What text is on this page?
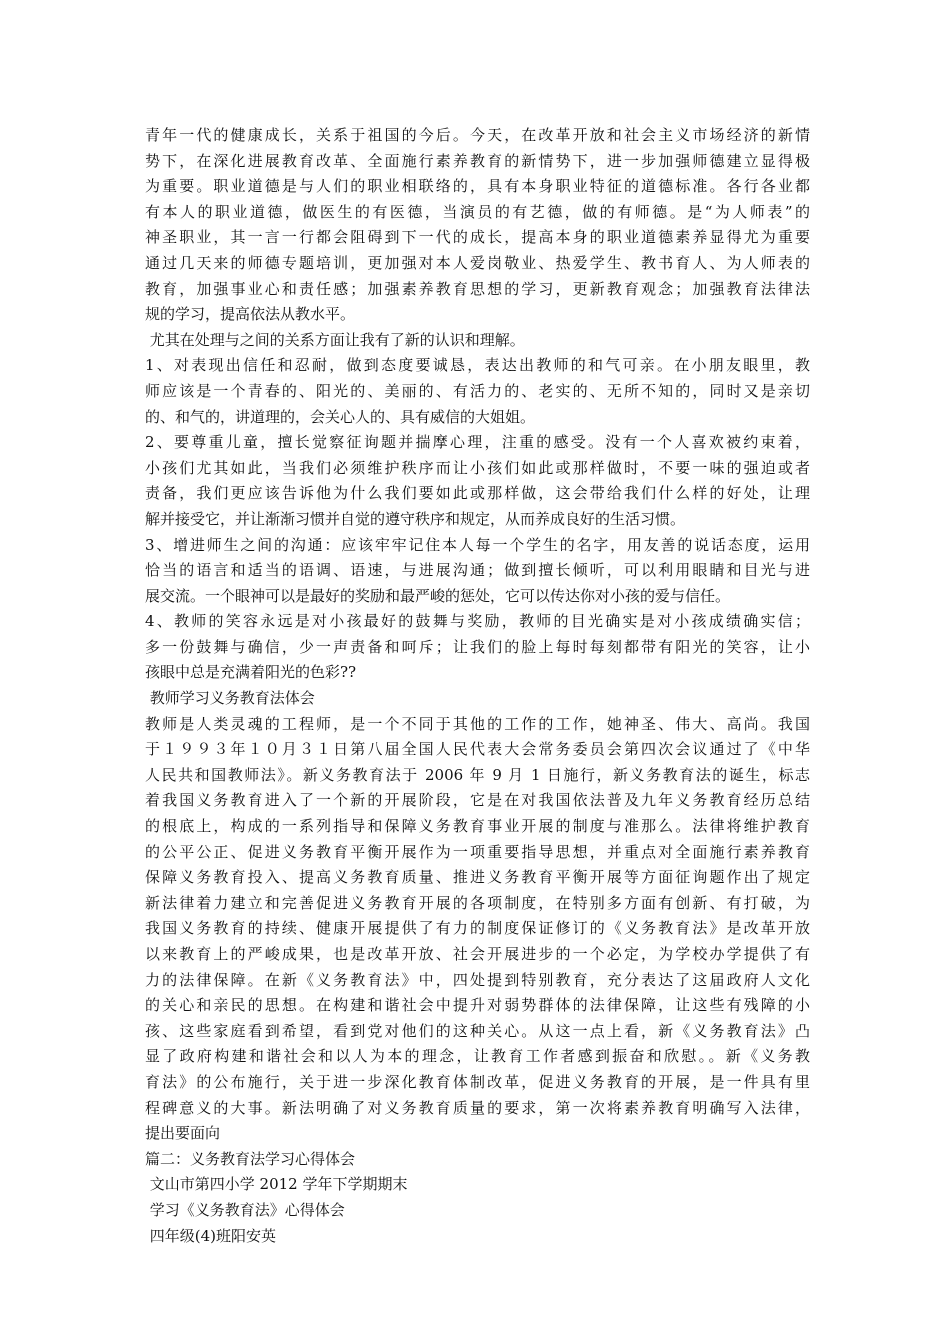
青年一代的健康成长，关系于祖国的今后。今天，在改革开放和社会主义市场经济的新情
势下，在深化进展教育改革、全面施行素养教育的新情势下，进一步加强师德建立显得极
为重要。职业道德是与人们的职业相联络的，具有本身职业特征的道德标准。各行各业都
有本人的职业道德，做医生的有医德，当演员的有艺德，做的有师德。是“为人师表”的
神圣职业，其一言一行都会阻碍到下一代的成长，提高本身的职业道德素养显得尤为重要
通过几天来的师德专题培训，更加强对本人爱岗敬业、热爱学生、教书育人、为人师表的
教育，加强事业心和责任感；加强素养教育思想的学习，更新教育观念；加强教育法律法
规的学习，提高依法从教水平。
尤其在处理与之间的关系方面让我有了新的认识和理解。
1、对表现出信任和忍耐，做到态度要诚恳，表达出教师的和气可亲。在小朋友眼里，教
师应该是一个青春的、阳光的、美丽的、有活力的、老实的、无所不知的，同时又是亲切
的、和气的，讲道理的，会关心人的、具有威信的大姐姐。
2、要尊重儿童，擅长觉察征询题并揣摩心理，注重的感受。没有一个人喜欢被约束着，
小孩们尤其如此，当我们必须维护秩序而让小孩们如此或那样做时，不要一味的强迫或者
责备，我们更应该告诉他为什么我们要如此或那样做，这会带给我们什么样的好处，让理
解并接受它，并让渐渐习惯并自觉的遵守秩序和规定，从而养成良好的生活习惯。
3、增进师生之间的沟通：应该牢牢记住本人每一个学生的名字，用友善的说话态度，运用
恰当的语言和适当的语调、语速，与进展沟通；做到擅长倾听，可以利用眼睛和目光与进
展交流。一个眼神可以是最好的奖励和最严峻的惩处，它可以传达你对小孩的爱与信任。
4、教师的笑容永远是对小孩最好的鼓舞与奖励，教师的目光确实是对小孩成绩确实信；
多一份鼓舞与确信，少一声责备和呵斥；让我们的脸上每时每刻都带有阳光的笑容，让小
孩眼中总是充满着阳光的色彩??
教师学习义务教育法体会
教师是人类灵魂的工程师，是一个不同于其他的工作的工作，她神圣、伟大、高尚。我国
于１９９３年１０月３１日第八届全国人民代表大会常务委员会第四次会议通过了《中华
人民共和国教师法》。新义务教育法于 2006 年 9 月 1 日施行，新义务教育法的诞生，标志
着我国义务教育进入了一个新的开展阶段，它是在对我国依法普及九年义务教育经历总结
的根底上，构成的一系列指导和保障义务教育事业开展的制度与准那么。法律将维护教育
的公平公正、促进义务教育平衡开展作为一项重要指导思想，并重点对全面施行素养教育
保障义务教育投入、提高义务教育质量、推进义务教育平衡开展等方面征询题作出了规定
新法律着力建立和完善促进义务教育开展的各项制度，在特别多方面有创新、有打破，为
我国义务教育的持续、健康开展提供了有力的制度保证修订的《义务教育法》是改革开放
以来教育上的严峻成果，也是改革开放、社会开展进步的一个必定，为学校办学提供了有
力的法律保障。在新《义务教育法》中，四处提到特别教育，充分表达了这届政府人文化
的关心和亲民的思想。在构建和谐社会中提升对弱势群体的法律保障，让这些有残障的小
孩、这些家庭看到希望，看到党对他们的这种关心。从这一点上看，新《义务教育法》凸
显了政府构建和谐社会和以人为本的理念，让教育工作者感到振奋和欣慰。。新《义务教
育法》的公布施行，关于进一步深化教育体制改革，促进义务教育的开展，是一件具有里
程碑意义的大事。新法明确了对义务教育质量的要求，第一次将素养教育明确写入法律，
提出要面向
篇二：义务教育法学习心得体会
文山市第四小学 2012 学年下学期期末
学习《义务教育法》心得体会
四年级(4)班阳安英
